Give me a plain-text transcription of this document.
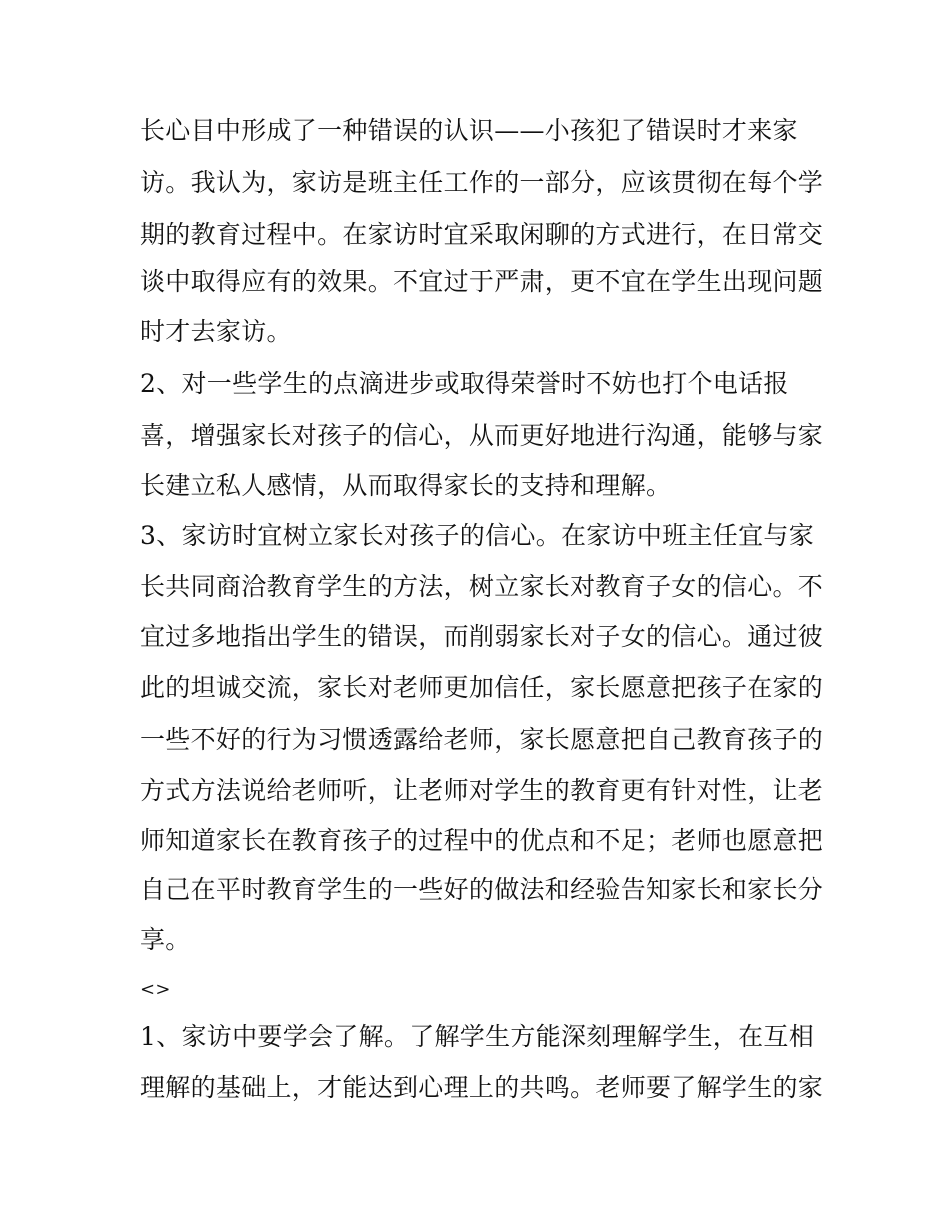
长心目中形成了一种错误的认识——小孩犯了错误时才来家
访。我认为，家访是班主任工作的一部分，应该贯彻在每个学
期的教育过程中。在家访时宜采取闲聊的方式进行，在日常交
谈中取得应有的效果。不宜过于严肃，更不宜在学生出现问题
时才去家访。
2、对一些学生的点滴进步或取得荣誉时不妨也打个电话报
喜，增强家长对孩子的信心，从而更好地进行沟通，能够与家
长建立私人感情，从而取得家长的支持和理解。
3、家访时宜树立家长对孩子的信心。在家访中班主任宜与家
长共同商洽教育学生的方法，树立家长对教育子女的信心。不
宜过多地指出学生的错误，而削弱家长对子女的信心。通过彼
此的坦诚交流，家长对老师更加信任，家长愿意把孩子在家的
一些不好的行为习惯透露给老师，家长愿意把自己教育孩子的
方式方法说给老师听，让老师对学生的教育更有针对性，让老
师知道家长在教育孩子的过程中的优点和不足；老师也愿意把
自己在平时教育学生的一些好的做法和经验告知家长和家长分
享。
<>
1、家访中要学会了解。了解学生方能深刻理解学生，在互相
理解的基础上，才能达到心理上的共鸣。老师要了解学生的家
